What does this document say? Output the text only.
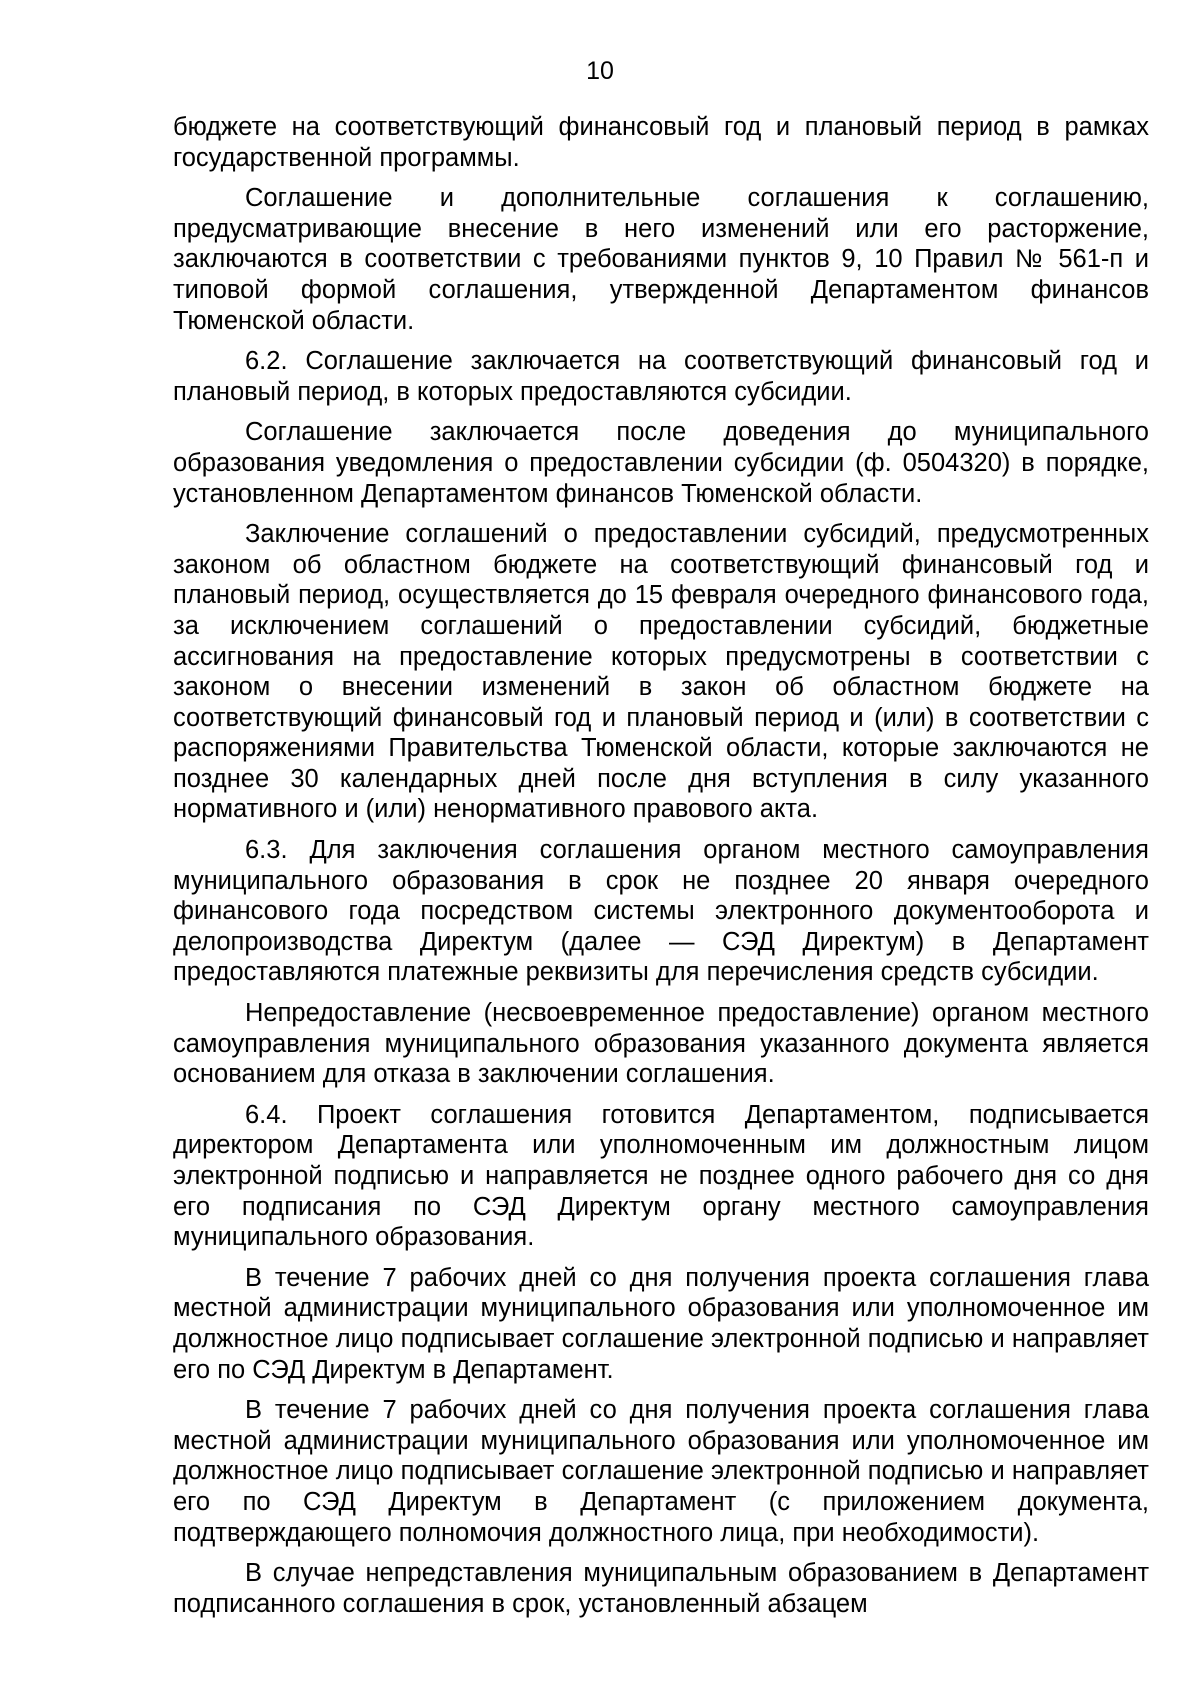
10

бюджете на соответствующий финансовый год и плановый период в рамках государственной программы.

Соглашение и дополнительные соглашения к соглашению, предусматривающие внесение в него изменений или его расторжение, заключаются в соответствии с требованиями пунктов 9, 10 Правил № 561-п и типовой формой соглашения, утвержденной Департаментом финансов Тюменской области.

6.2. Соглашение заключается на соответствующий финансовый год и плановый период, в которых предоставляются субсидии.

Соглашение заключается после доведения до муниципального образования уведомления о предоставлении субсидии (ф. 0504320) в порядке, установленном Департаментом финансов Тюменской области.

Заключение соглашений о предоставлении субсидий, предусмотренных законом об областном бюджете на соответствующий финансовый год и плановый период, осуществляется до 15 февраля очередного финансового года, за исключением соглашений о предоставлении субсидий, бюджетные ассигнования на предоставление которых предусмотрены в соответствии с законом о внесении изменений в закон об областном бюджете на соответствующий финансовый год и плановый период и (или) в соответствии с распоряжениями Правительства Тюменской области, которые заключаются не позднее 30 календарных дней после дня вступления в силу указанного нормативного и (или) ненормативного правового акта.

6.3. Для заключения соглашения органом местного самоуправления муниципального образования в срок не позднее 20 января очередного финансового года посредством системы электронного документооборота и делопроизводства Директум (далее — СЭД Директум) в Департамент предоставляются платежные реквизиты для перечисления средств субсидии.

Непредоставление (несвоевременное предоставление) органом местного самоуправления муниципального образования указанного документа является основанием для отказа в заключении соглашения.

6.4. Проект соглашения готовится Департаментом, подписывается директором Департамента или уполномоченным им должностным лицом электронной подписью и направляется не позднее одного рабочего дня со дня его подписания по СЭД Директум органу местного самоуправления муниципального образования.

В течение 7 рабочих дней со дня получения проекта соглашения глава местной администрации муниципального образования или уполномоченное им должностное лицо подписывает соглашение электронной подписью и направляет его по СЭД Директум в Департамент.

В течение 7 рабочих дней со дня получения проекта соглашения глава местной администрации муниципального образования или уполномоченное им должностное лицо подписывает соглашение электронной подписью и направляет его по СЭД Директум в Департамент (с приложением документа, подтверждающего полномочия должностного лица, при необходимости).

В случае непредставления муниципальным образованием в Департамент подписанного соглашения в срок, установленный абзацем
